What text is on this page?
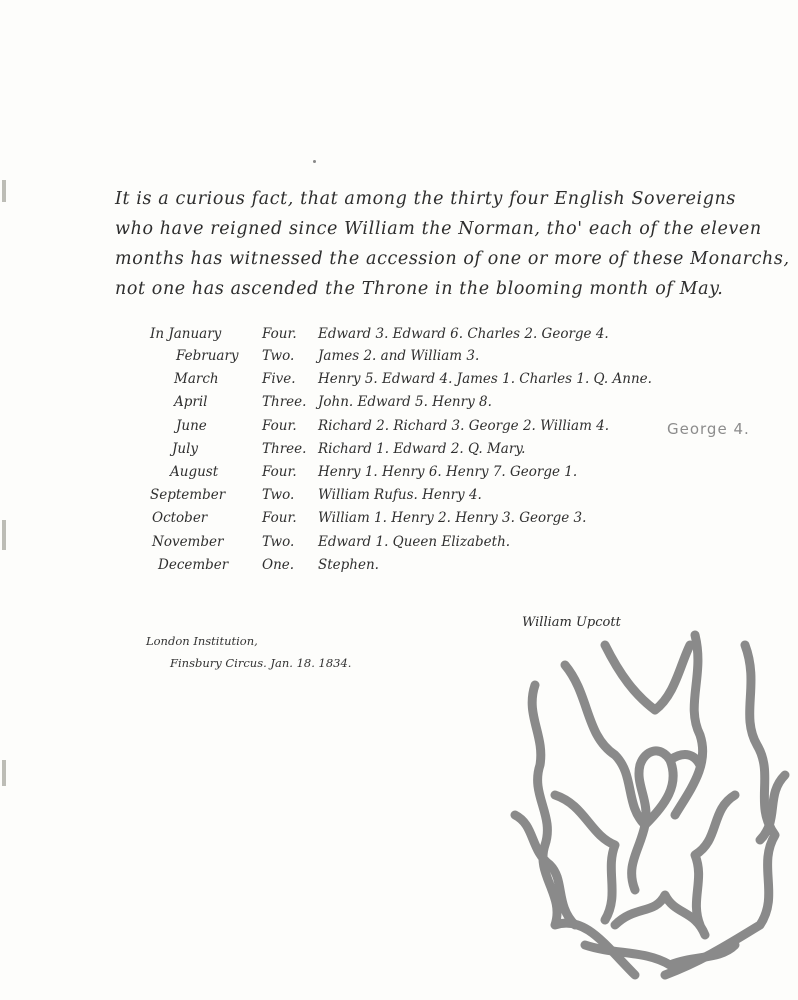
It is a curious fact, that among the thirty four English Sovereigns
who have reigned since William the Norman, tho' each of the eleven
months has witnessed the accession of one or more of these Monarchs,
not one has ascended the Throne in the blooming month of May.
In January	Four. Edward 3. Edward 6. Charles 2. George 4.
February Two. James 2. and William 3.
March	Five. Henry 5. Edward 4. James 1. Charles 1. Q. Anne.
April	Three. John. Edward 5. Henry 8.
June	Four. Richard 2. Richard 3. George 2. William 4.
July	Three. Richard 1. Edward 2. Q. Mary.
August	Four. Henry 1. Henry 6. Henry 7. George 1.
September	Two. William Rufus. Henry 4.
October	Four. William 1. Henry 2. Henry 3. George 3.
November	Two. Edward 1. Queen Elizabeth.
December	One. Stephen.
George 4.
London Institution,
Finsbury Circus. Jan. 18. 1834.
William Upcott
